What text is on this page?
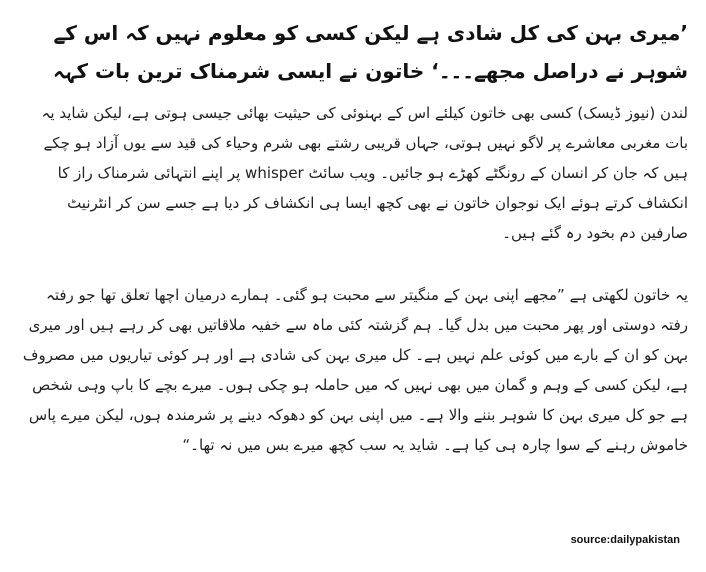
’میری بہن کی کل شادی ہے لیکن کسی کو معلوم نہیں کہ اس کے شوہر نے دراصل مجھے۔۔۔‘ خاتون نے ایسی شرمناک ترین بات کہہ

لندن (نیوز ڈیسک) کسی بھی خاتون کیلئے اس کے بہنوئی کی حیثیت بھائی جیسی ہوتی ہے، لیکن شاید یہ بات مغربی معاشرے پر لاگو نہیں ہوتی، جہاں قریبی رشتے بھی شرم وحیاء کی قید سے یوں آزاد ہو چکے ہیں کہ جان کر انسان کے رونگٹے کھڑے ہو جائیں۔ ویب سائٹ whisper پر اپنے انتہائی شرمناک راز کا انکشاف کرتے ہوئے ایک نوجوان خاتون نے بھی کچھ ایسا ہی انکشاف کر دیا ہے جسے سن کر انٹرنیٹ صارفین دم بخود رہ گئے ہیں۔

یہ خاتون لکھتی ہے ”مجھے اپنی بہن کے منگیتر سے محبت ہو گئی۔ ہمارے درمیان اچھا تعلق تھا جو رفتہ رفتہ دوستی اور پھر محبت میں بدل گیا۔ ہم گزشتہ کئی ماہ سے خفیہ ملاقاتیں بھی کر رہے ہیں اور میری بہن کو ان کے بارے میں کوئی علم نہیں ہے۔ کل میری بہن کی شادی ہے اور ہر کوئی تیاریوں میں مصروف ہے، لیکن کسی کے وہم و گمان میں بھی نہیں کہ میں حاملہ ہو چکی ہوں۔ میرے بچے کا باپ وہی شخص ہے جو کل میری بہن کا شوہر بننے والا ہے۔ میں اپنی بہن کو دھوکہ دینے پر شرمندہ ہوں، لیکن میرے پاس خاموش رہنے کے سوا چارہ ہی کیا ہے۔ شاید یہ سب کچھ میرے بس میں نہ تھا۔“

source:dailypakistan
